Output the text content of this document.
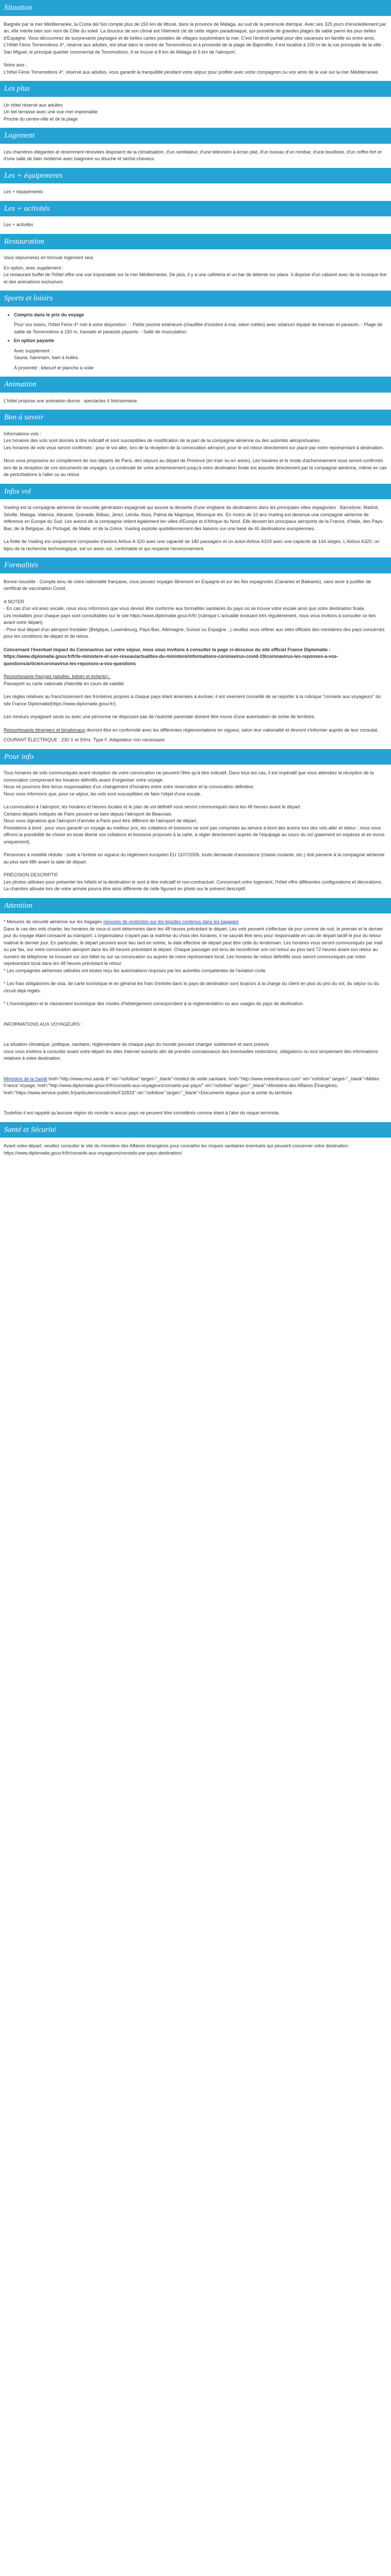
Situation

Baignée par la mer Méditerranée, la Costa del Sol compte plus de 150 km de littoral, dans la province de Málaga, au sud de la péninsule ibérique. Avec ses 325 jours d'ensoleillement par an, elle mérite bien son nom de Côte du soleil. La douceur de son climat est l'élément clé de cette région paradisiaque, qui possède de grandes plages de sable parmi les plus belles d'Espagne. Vous découvrirez de surprenants paysages et de belles cartes postales de villages surplombant la mer. C'est l'endroit parfait pour des vacances en famille ou entre amis. L'Hôtel Fénix Torremolinos 4*, réservé aux adultes, est situé dans le centre de Torremolinos et à proximité de la plage de Bajondillo. Il est localisé à 100 m de la rue principale de la ville : San Miguel, le principal quartier commercial de Torremolinos. Il se trouve à 8 km de Málaga et 5 km de l'aéroport.

Notre avis :

L'hôtel Fénix Torremolinos 4*, réservé aux adultes, vous garantit la tranquillité pendant votre séjour pour profiter avec votre compagnon ou vos amis de la vue sur la mer Méditerranée.

Les plus
Un hôtel réservé aux adultes
Un bel terrasse avec une vue mer imprenable
Proche du centre-ville et de la plage
Logement

Les chambres élégantes et récemment rénovées disposent de la climatisation, d'un ventilateur, d'une télévision à écran plat, d'un bureau d'un minibar, d'une bouilloire, d'un coffre-fort et d'une salle de bain moderne avec baignoire ou douche et sèche-cheveux.

Les + équipements

Les + équipements

Les + activités

Les + activités

Restauration

Vous séjournerez en formule logement seul.

En option, avec supplément :

Le restaurant buffet de l'hôtel offre une vue imprenable sur la mer Méditerranée. De plus, il y a une cafétéria et un bar de détente sur place. Il dispose d'un cabaret avec de la musique live et des animations exclusives.

Sports et loisirs
• Compris dans le prix du voyage
Pour vos loisirs, l'hôtel Fénix 4* met à votre disposition : - Petite piscine extérieure (chauffée d'octobre à mai, selon météo) avec solarium équipé de transats et parasols. - Plage de sable de Torremolinos à 150 m, transats et parasols payants. - Salle de musculation.
• En option payante
Avec supplément :
Sauna, hammam, bain à bulles.
À proximité : kitesurf et planche à voile
Animation

L'hôtel propose une animation diurne : spectacles 4 fois/semaine.

Bon à savoir
Informations vols :
Les horaires des vols sont donnés à titre indicatif et sont susceptibles de modification de la part de la compagnie aérienne ou des autorités aéroportuaires.

Les horaires de vols vous seront confirmés : pour le vol aller, lors de la réception de la convocation aéroport, pour le vol retour directement sur place par notre représentant à destination.

Nous vous proposons en complément de nos départs de Paris, des séjours au départ de Province (en train ou en avion). Les horaires et le mode d'acheminement vous seront confirmés lors de la réception de vos documents de voyages. La continuité de votre acheminement jusqu'à votre destination finale est assurée directement par la compagnie aérienne, même en cas de perturbations à l'aller ou au retour.

Infos vol

Vueling est la compagnie aérienne de nouvelle génération espagnole qui assure la desserte d'une vingtaine de destinations dans les principales villes espagnoles : Barcelone, Madrid, Séville, Malaga, Valence, Alicante, Grenade, Bilbao, Jerez, Lérida, Ibiza, Palma de Majorque, Minorque etc. En moins de 10 ans Vueling est devenue une compagnie aérienne de référence en Europe du Sud. Les avions de la compagnie relient également les villes d'Europe et d'Afrique du Nord. Elle dessert les principaux aéroports de la France, d'Italie, des Pays-Bas, de la Belgique, du Portugal, de Malte, et de la Grèce. Vueling exploite quotidiennement des liaisons sur une base de 40 destinations européennes.

La flotte de Vueling est uniquement composée d'avions Airbus A-320 avec une capacité de 180 passagers et un avion Airbus A319 avec une capacité de 144 sièges. L'Airbus A320, un bijou de la recherche technologique, est un avion sûr, confortable et qui respecte l'environnement.

Formalités

Bonne nouvelle : Compte tenu de votre nationalité française, vous pouvez voyager librement en Espagne et sur les îles espagnoles (Canaries et Baléares), sans avoir à justifier de certificat de vaccination Covid.

A NOTER
- En cas d'un vol avec escale, nous vous informons que vous devrez être conforme aux formalités sanitaires du pays où se trouve votre escale ainsi que votre destination finale.
Les modalités pour chaque pays sont consultables sur le site https://www.diplomatie.gouv.fr/fr/ (rubrique L'actualité évoluant très régulièrement, nous vous invitons à consulter ce lien avant votre départ)

- Pour tout départ d'un aéroport frontalier (Belgique, Luxembourg, Pays-Bas, Allemagne, Suisse ou Espagne...) veuillez vous référer aux sites officiels des ministères des pays concernés pour les conditions de départ et de retour.

Concernant l'éventuel impact du Coronavirus sur votre séjour, nous vous invitons à consulter la page ci-dessous du site officiel France Diplomatie :

https://www.diplomatie.gouv.fr/fr/le-ministere-et-son-reseau/actualites-du-ministere/informations-coronavirus-covid-19/coronavirus-les-reponses-a-vos-questions/article/coronavirus-les-reponses-a-vos-questions

Ressortissants français (adultes, bébés et enfants) :

Passeport ou carte nationale d'identité en cours de validité.

Les règles relatives au franchissement des frontières propres à chaque pays étant amenées à évoluer, il est vivement conseillé de se reporter à la rubrique "conseils aux voyageurs" du site France Diplomatie(https://www.diplomatie.gouv.fr/).

Les mineurs voyageant seuls ou avec une personne ne disposant pas de l'autorité parentale doivent être munis d'une autorisation de sortie de territoire.

Ressortissants étrangers et binationaux devront être en conformité avec les différentes réglementations en vigueur, selon leur nationalité et devront s'informer auprès de leur consulat.

COURANT ÉLECTRIQUE : 230 V et 50Hz. Type F. Adaptateur non nécessaire.

Pour info
Tous horaires de vols communiqués avant réception de votre convocation ne peuvent l'être qu'à titre indicatif. Dans tous les cas, il est impératif que vous attendiez la réception de la convocation comprenant les horaires définitifs avant d'organiser votre voyage.
Nous ne pourrons être tenus responsables d'un changement d'horaires entre votre réservation et la convocation définitive.

Nous vous informons que, pour ce séjour, les vols sont susceptibles de faire l'objet d'une escale.

La convocation à l'aéroport, les horaires et heures locales et le plan de vol définitif vous seront communiqués dans les 48 heures avant le départ.
Certains départs indiqués de Paris peuvent se faire depuis l'aéroport de Beauvais.
Nous vous signalons que l'aéroport d'arrivée à Paris peut être différent de l'aéroport de départ.

Prestations à bord : pour vous garantir un voyage au meilleur prix, les collations et boissons ne sont pas comprises au service à bord des avions lors des vols aller et retour ; nous vous offrons la possibilité de choisir en toute liberté vos collations et boissons proposés à la carte, à régler directement auprès de l'équipage au cours du vol (paiement en espèces et en euros uniquement).

Personnes à mobilité réduite : suite à l'entrée en vigueur du règlement européen EU 1107/2006, toute demande d'assistance (chaise roulante, etc.) doit parvenir à la compagnie aérienne au plus tard 48h avant la date de départ.

PRÉCISION DESCRIPTIF

Les photos utilisées pour présenter les hôtels et la destination le sont à titre indicatif et non-contractuel. Concernant votre logement, l'hôtel offre différentes configurations et décorations. La chambre allouée lors de votre arrivée pourra être ainsi différente de celle figurant en photo sur le présent descriptif.

Attention
* Mesures de sécurité aérienne sur les bagages mesures de restriction sur les liquides contenus dans les bagages
Dans le cas des vols charter, les horaires de ceux-ci sont déterminés dans les 48 heures précédant le départ. Les vols peuvent s'effectuer de jour comme de nuit, le premier et le dernier jour du voyage étant consacré au transport. L'organisateur n'ayant pas la maîtrise du choix des horaires, il ne saurait être tenu pour responsable en cas de départ tardif le jour du retour matinal le dernier jour. En particulier, le départ peuvent avoir lieu tard en soirée, la date effective de départ peut être celle du lendemain. Les horaires vous seront communiqués par mail ou par fax, sur votre convocation aéroport dans les 48 heures précédant le départ. Chaque passager est tenu de reconfirmer son vol retour au plus tard 72 heures avant son retour au numéro de téléphone se trouvant sur son billet ou sur sa convocation ou auprès de notre représentant local. Les horaires de retour définitifs vous seront communiqués par notre représentant local dans les 48 heures précédant le retour.

* Les compagnies aériennes utilisées ont toutes reçu les autorisations requises par les autorités compétentes de l'aviation civile.

* Les frais obligatoires de visa, de carte touristique et en général les frais d'entrée dans le pays de destination sont toujours à la charge du client en plus du prix du vol, du séjour ou du circuit déjà réglés.

* L'homologation et le classement touristique des modes d'hébergement correspondent à la réglementation ou aux usages du pays de destination.

INFORMATIONS AUX VOYAGEURS :

La situation climatique, politique, sanitaire, réglementaire de chaque pays du monde pouvant changer subitement et sans préavis

nous vous invitons à consulter avant votre départ les sites Internet suivants afin de prendre connaissance des éventuelles restrictions, obligations ou tout simplement des informations relatives à votre destination.

Ministère de la Santé href="http://www.invs.sante.fr" rel="nofollow" target="_blank">Institut de veille sanitaire, href="http://www.meteofrance.com" rel="nofollow" target="_blank">Météo France Voyage, href="http://www.diplomatie.gouv.fr/fr/conseils-aux-voyageurs/conseils-par-pays/" rel="nofollow" target="_blank">Ministère des Affaires Étrangères, href="https://www.service-public.fr/particuliers/vosdroits/F32833" rel="nofollow" target="_blank">Documents légaux pour la sortie du territoire.

Toutefois il est rappelé qu'aucune région du monde ni aucun pays ne peuvent être considérés comme étant à l'abri du risque terroriste.

Santé et Sécurité

Avant votre départ, veuillez consulter le site du ministère des Affaires étrangères pour connaître les risques sanitaires éventuels qui peuvent concerner votre destination : https://www.diplomatie.gouv.fr/fr/conseils-aux-voyageurs/conseils-par-pays-destination/
